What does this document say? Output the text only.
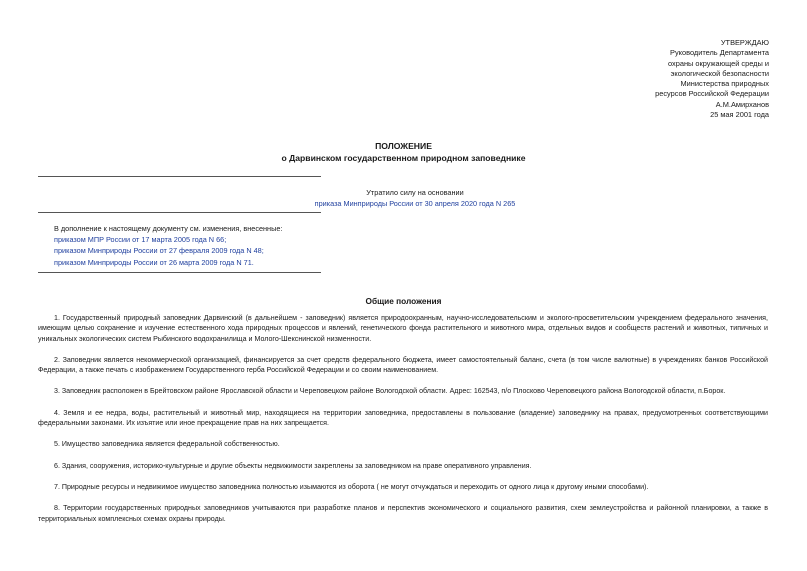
УТВЕРЖДАЮ
Руководитель Департамента
охраны окружающей среды и
экологической безопасности
Министерства природных
ресурсов Российской Федерации
А.М.Амирханов
25 мая 2001 года
ПОЛОЖЕНИЕ
о Дарвинском государственном природном заповеднике
Утратило силу на основании
приказа Минприроды России от 30 апреля 2020 года N 265
В дополнение к настоящему документу см. изменения, внесенные:
приказом МПР России от 17 марта 2005 года N 66;
приказом Минприроды России от 27 февраля 2009 года N 48;
приказом Минприроды России от 26 марта 2009 года N 71.
Общие положения

1. Государственный природный заповедник Дарвинский (в дальнейшем - заповедник) является природоохранным, научно-исследовательским и эколого-просветительским учреждением федерального значения, имеющим целью сохранение и изучение естественного хода природных процессов и явлений, генетического фонда растительного и животного мира, отдельных видов и сообществ растений и животных, типичных и уникальных экологических систем Рыбинского водохранилища и Молого-Шекснинской низменности.

2. Заповедник является некоммерческой организацией, финансируется за счет средств федерального бюджета, имеет самостоятельный баланс, счета (в том числе валютные) в учреждениях банков Российской Федерации, а также печать с изображением Государственного герба Российской Федерации и со своим наименованием.

3. Заповедник расположен в Брейтовском районе Ярославской области и Череповецком районе Вологодской области. Адрес: 162543, п/о Плосково Череповецкого района Вологодской области, п.Борок.

4. Земля и ее недра, воды, растительный и животный мир, находящиеся на территории заповедника, предоставлены в пользование (владение) заповеднику на правах, предусмотренных соответствующими федеральными законами. Их изъятие или иное прекращение прав на них запрещается.

5. Имущество заповедника является федеральной собственностью.

6. Здания, сооружения, историко-культурные и другие объекты недвижимости закреплены за заповедником на праве оперативного управления.

7. Природные ресурсы и недвижимое имущество заповедника полностью изымаются из оборота ( не могут отчуждаться и переходить от одного лица к другому иными способами).

8. Территории государственных природных заповедников учитываются при разработке планов и перспектив экономического и социального развития, схем землеустройства и районной планировки, а также в территориальных комплексных схемах охраны природы.
